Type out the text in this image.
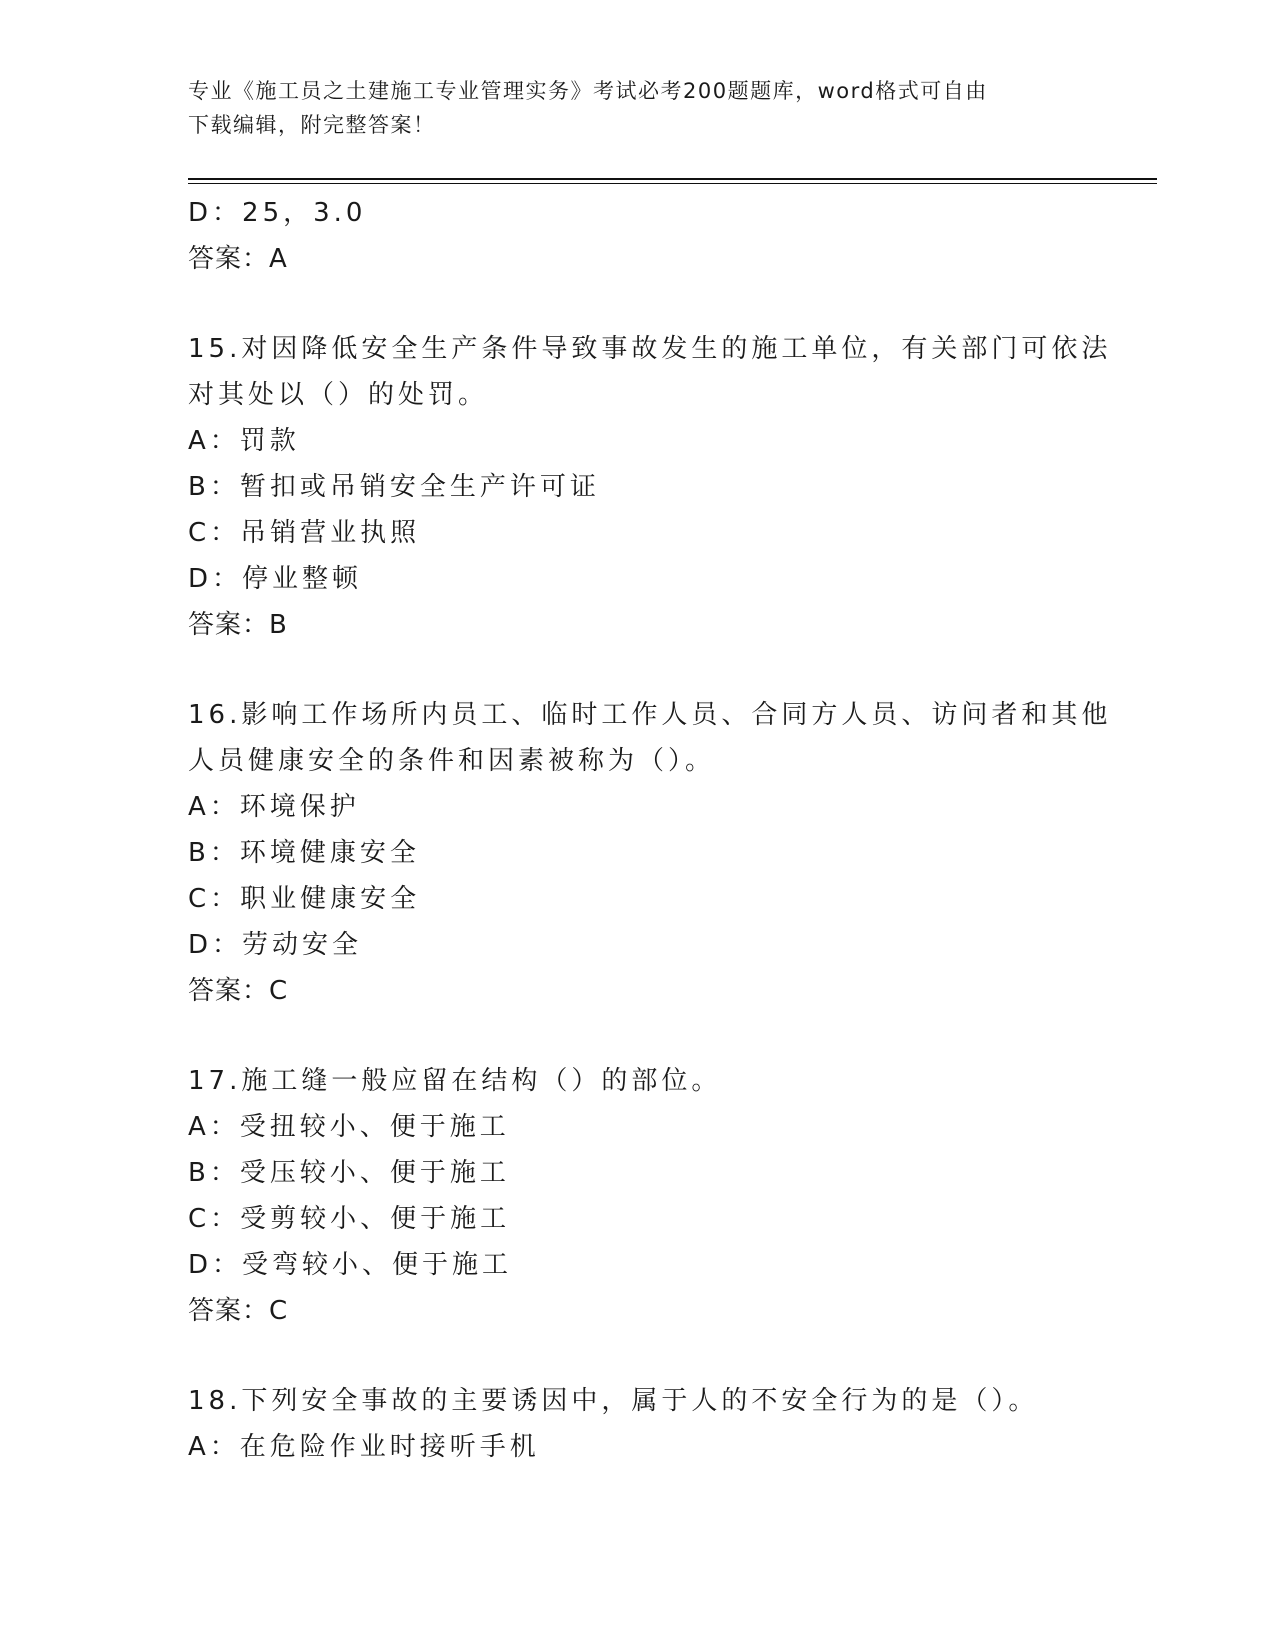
专业《施工员之土建施工专业管理实务》考试必考200题题库，word格式可自由
下载编辑，附完整答案！
D：25，3.0
答案：A
15.对因降低安全生产条件导致事故发生的施工单位，有关部门可依法
对其处以（）的处罚。
A：罚款
B：暂扣或吊销安全生产许可证
C：吊销营业执照
D：停业整顿
答案：B
16.影响工作场所内员工、临时工作人员、合同方人员、访问者和其他
人员健康安全的条件和因素被称为（）。
A：环境保护
B：环境健康安全
C：职业健康安全
D：劳动安全
答案：C
17.施工缝一般应留在结构（）的部位。
A：受扭较小、便于施工
B：受压较小、便于施工
C：受剪较小、便于施工
D：受弯较小、便于施工
答案：C
18.下列安全事故的主要诱因中，属于人的不安全行为的是（）。
A：在危险作业时接听手机
